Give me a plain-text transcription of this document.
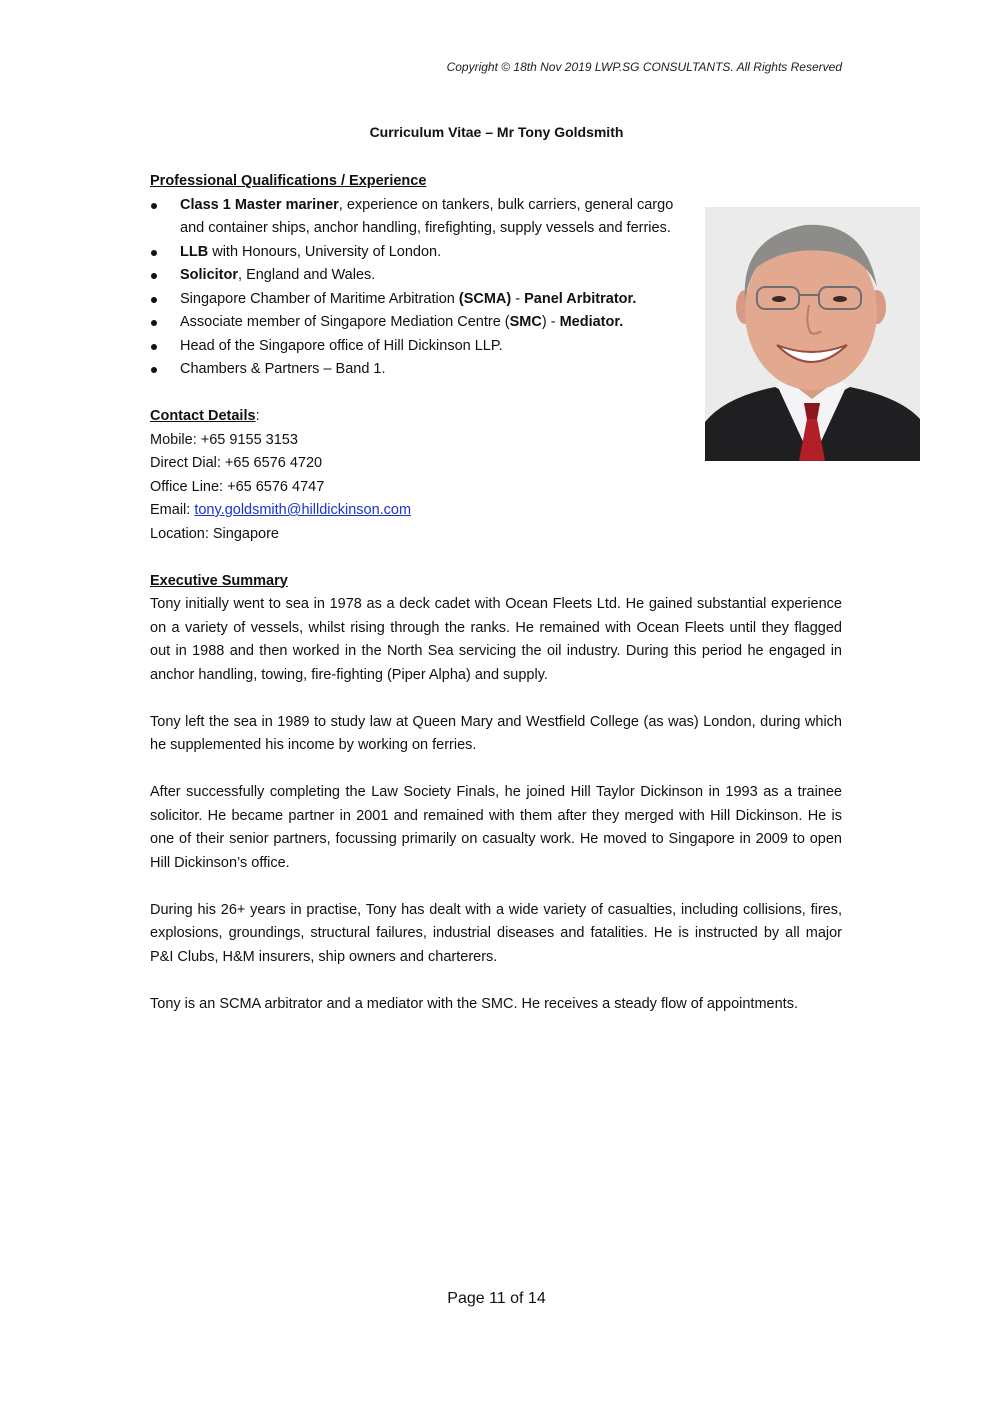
Copyright © 18th Nov 2019 LWP.SG CONSULTANTS. All Rights Reserved
Curriculum Vitae – Mr Tony Goldsmith
Professional Qualifications / Experience
Class 1 Master mariner, experience on tankers, bulk carriers, general cargo and container ships, anchor handling, firefighting, supply vessels and ferries.
LLB with Honours, University of London.
Solicitor, England and Wales.
Singapore Chamber of Maritime Arbitration (SCMA) - Panel Arbitrator.
Associate member of Singapore Mediation Centre (SMC) - Mediator.
Head of the Singapore office of Hill Dickinson LLP.
Chambers & Partners – Band 1.
Contact Details:
Mobile: +65 9155 3153
Direct Dial: +65 6576 4720
Office Line: +65 6576 4747
Email: tony.goldsmith@hilldickinson.com
Location: Singapore
Executive Summary

Tony initially went to sea in 1978 as a deck cadet with Ocean Fleets Ltd. He gained substantial experience on a variety of vessels, whilst rising through the ranks. He remained with Ocean Fleets until they flagged out in 1988 and then worked in the North Sea servicing the oil industry. During this period he engaged in anchor handling, towing, fire-fighting (Piper Alpha) and supply.

Tony left the sea in 1989 to study law at Queen Mary and Westfield College (as was) London, during which he supplemented his income by working on ferries.

After successfully completing the Law Society Finals, he joined Hill Taylor Dickinson in 1993 as a trainee solicitor. He became partner in 2001 and remained with them after they merged with Hill Dickinson. He is one of their senior partners, focussing primarily on casualty work. He moved to Singapore in 2009 to open Hill Dickinson’s office.

During his 26+ years in practise, Tony has dealt with a wide variety of casualties, including collisions, fires, explosions, groundings, structural failures, industrial diseases and fatalities. He is instructed by all major P&I Clubs, H&M insurers, ship owners and charterers.

Tony is an SCMA arbitrator and a mediator with the SMC. He receives a steady flow of appointments.

Page 11 of 14
